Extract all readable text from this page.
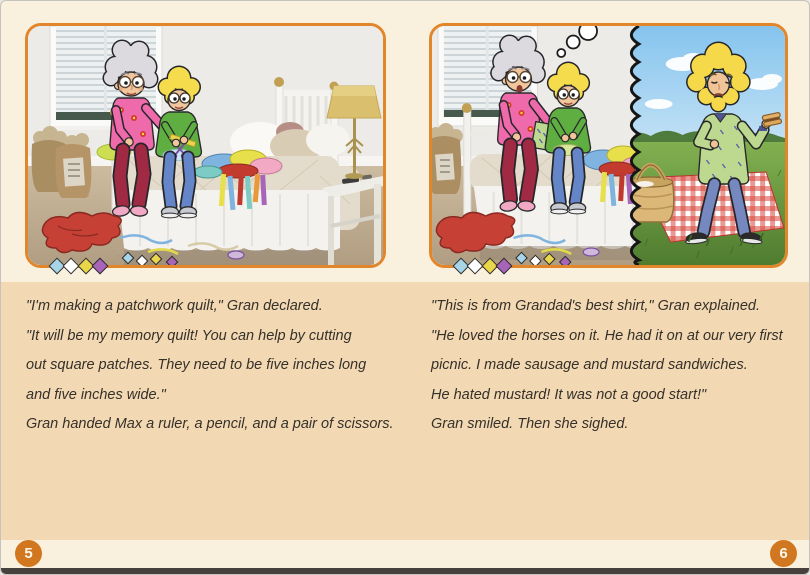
"I'm making a patchwork quilt," Gran declared.
"It will be my memory quilt! You can help by cutting
out square patches. They need to be five inches long
and five inches wide."
Gran handed Max a ruler, a pencil, and a pair of scissors.
"This is from Grandad's best shirt," Gran explained.
"He loved the horses on it. He had it on at our very first
picnic. I made sausage and mustard sandwiches.
He hated mustard! It was not a good start!"
Gran smiled. Then she sighed.
5	6
